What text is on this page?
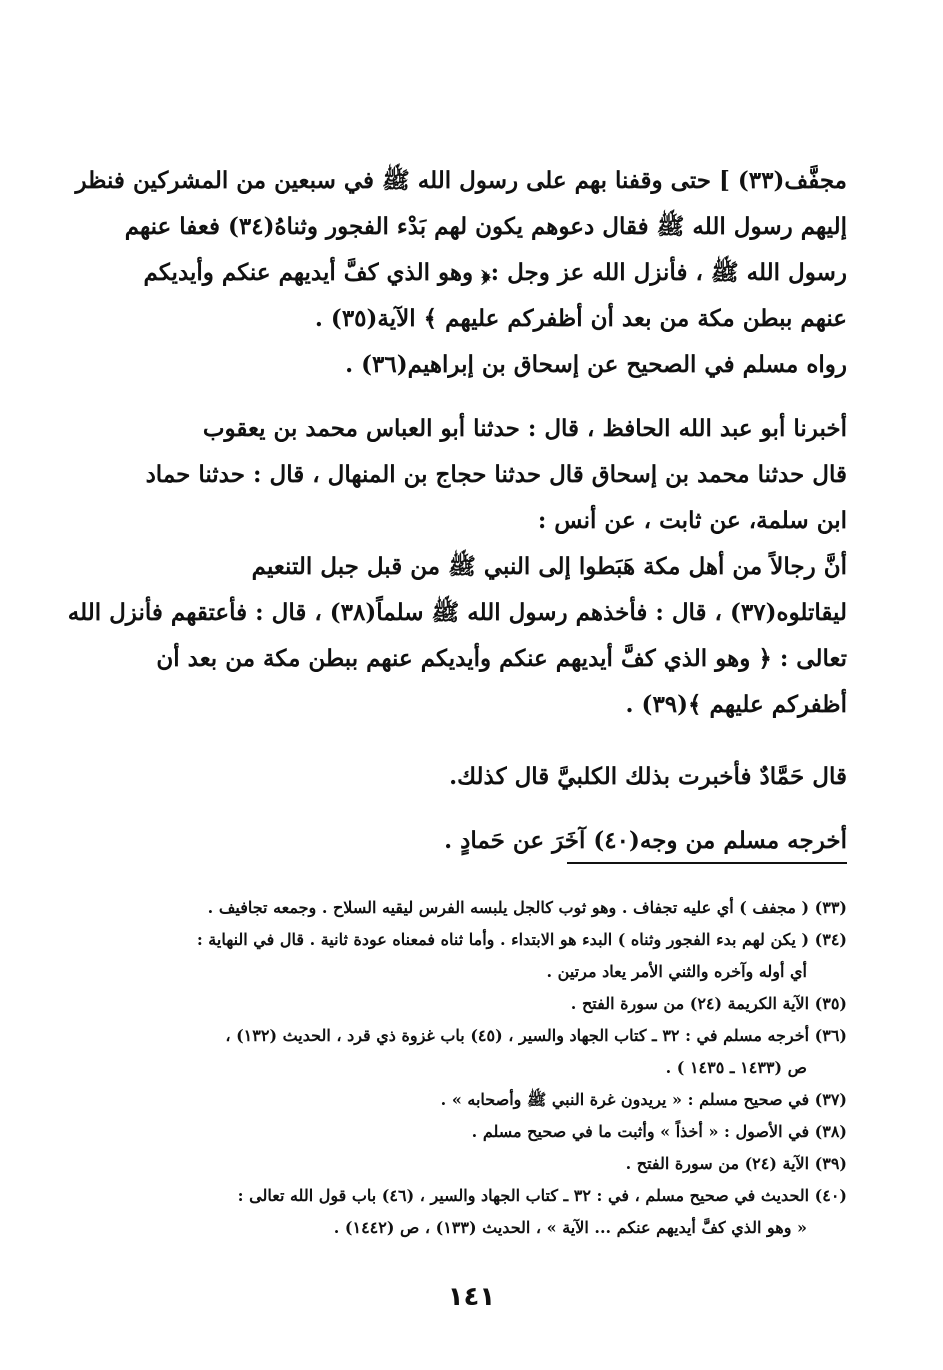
مجفَّف(٣٣) ] حتى وقفنا بهم على رسول الله ﷺ في سبعين من المشركين فنظر
إليهم رسول الله ﷺ فقال دعوهم يكون لهم بَدْء الفجور وثناهُ(٣٤) فعفا عنهم
رسول الله ﷺ ، فأنزل الله عز وجل :﴿ وهو الذي كفَّ أيديهم عنكم وأيديكم
عنهم ببطن مكة من بعد أن أظفركم عليهم ﴾ الآية(٣٥) .
رواه مسلم في الصحيح عن إسحاق بن إبراهيم(٣٦) .
أخبرنا أبو عبد الله الحافظ ، قال : حدثنا أبو العباس محمد بن يعقوب
قال حدثنا محمد بن إسحاق قال حدثنا حجاج بن المنهال ، قال : حدثنا حماد
ابن سلمة، عن ثابت ، عن أنس :
أنَّ رجالاً من أهل مكة هَبَطوا إلى النبي ﷺ من قبل جبل التنعيم
ليقاتلوه(٣٧) ، قال : فأخذهم رسول الله ﷺ سلماً(٣٨) ، قال : فأعتقهم فأنزل الله
تعالى : ﴿ وهو الذي كفَّ أيديهم عنكم وأيديكم عنهم ببطن مكة من بعد أن
أظفركم عليهم ﴾(٣٩) .
قال حَمَّادٌ فأخبرت بذلك الكلبيَّ قال كذلك.
أخرجه مسلم من وجه(٤٠) آخَرَ عن حَمادٍ .
(٣٣) ( مجفف ) أي عليه تجفاف . وهو ثوب كالجل يلبسه الفرس ليقيه السلاح . وجمعه تجافيف .
(٣٤) ( يكن لهم بدء الفجور وثناه ) البدء هو الابتداء . وأما ثناه فمعناه عودة ثانية . قال في النهاية :
أي أوله وآخره والثني الأمر يعاد مرتين .
(٣٥) الآية الكريمة (٢٤) من سورة الفتح .
(٣٦) أخرجه مسلم في : ٣٢ ـ كتاب الجهاد والسير ، (٤٥) باب غزوة ذي قرد ، الحديث (١٣٢) ،
ص (١٤٣٣ ـ ١٤٣٥ ) .
(٣٧) في صحيح مسلم : « يريدون غرة النبي ﷺ وأصحابه » .
(٣٨) في الأصول : « أخذاً » وأثبت ما في صحيح مسلم .
(٣٩) الآية (٢٤) من سورة الفتح .
(٤٠) الحديث في صحيح مسلم ، في : ٣٢ ـ كتاب الجهاد والسير ، (٤٦) باب قول الله تعالى :
« وهو الذي كفَّ أيديهم عنكم ... الآية » ، الحديث (١٣٣) ، ص (١٤٤٢) .
١٤١
